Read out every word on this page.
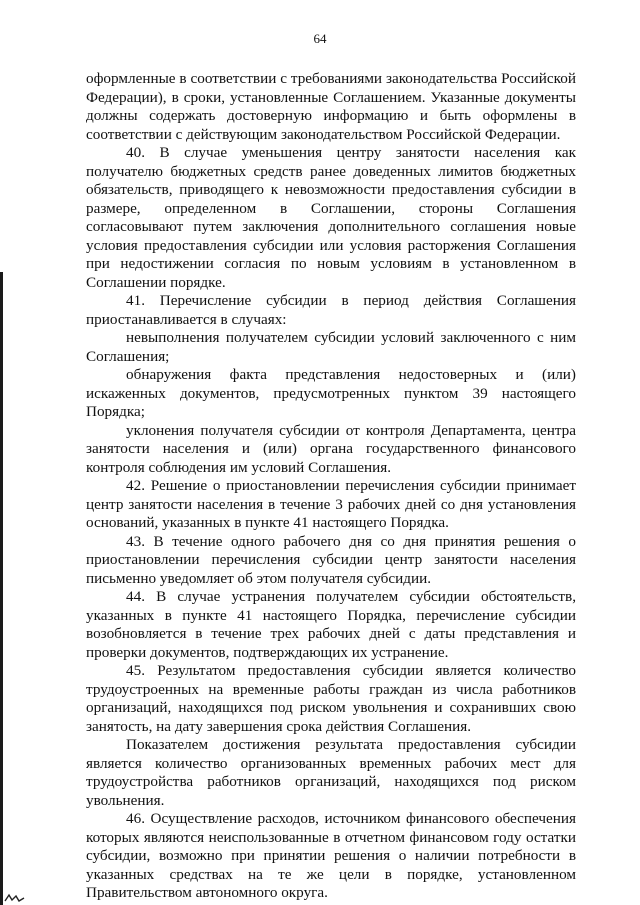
64

оформленные в соответствии с требованиями законодательства Российской Федерации), в сроки, установленные Соглашением. Указанные документы должны содержать достоверную информацию и быть оформлены в соответствии с действующим законодательством Российской Федерации.

40. В случае уменьшения центру занятости населения как получателю бюджетных средств ранее доведенных лимитов бюджетных обязательств, приводящего к невозможности предоставления субсидии в размере, определенном в Соглашении, стороны Соглашения согласовывают путем заключения дополнительного соглашения новые условия предоставления субсидии или условия расторжения Соглашения при недостижении согласия по новым условиям в установленном в Соглашении порядке.

41. Перечисление субсидии в период действия Соглашения приостанавливается в случаях:

невыполнения получателем субсидии условий заключенного с ним Соглашения;

обнаружения факта представления недостоверных и (или) искаженных документов, предусмотренных пунктом 39 настоящего Порядка;

уклонения получателя субсидии от контроля Департамента, центра занятости населения и (или) органа государственного финансового контроля соблюдения им условий Соглашения.

42. Решение о приостановлении перечисления субсидии принимает центр занятости населения в течение 3 рабочих дней со дня установления оснований, указанных в пункте 41 настоящего Порядка.

43. В течение одного рабочего дня со дня принятия решения о приостановлении перечисления субсидии центр занятости населения письменно уведомляет об этом получателя субсидии.

44. В случае устранения получателем субсидии обстоятельств, указанных в пункте 41 настоящего Порядка, перечисление субсидии возобновляется в течение трех рабочих дней с даты представления и проверки документов, подтверждающих их устранение.

45. Результатом предоставления субсидии является количество трудоустроенных на временные работы граждан из числа работников организаций, находящихся под риском увольнения и сохранивших свою занятость, на дату завершения срока действия Соглашения.

Показателем достижения результата предоставления субсидии является количество организованных временных рабочих мест для трудоустройства работников организаций, находящихся под риском увольнения.

46. Осуществление расходов, источником финансового обеспечения которых являются неиспользованные в отчетном финансовом году остатки субсидии, возможно при принятии решения о наличии потребности в указанных средствах на те же цели в порядке, установленном Правительством автономного округа.
